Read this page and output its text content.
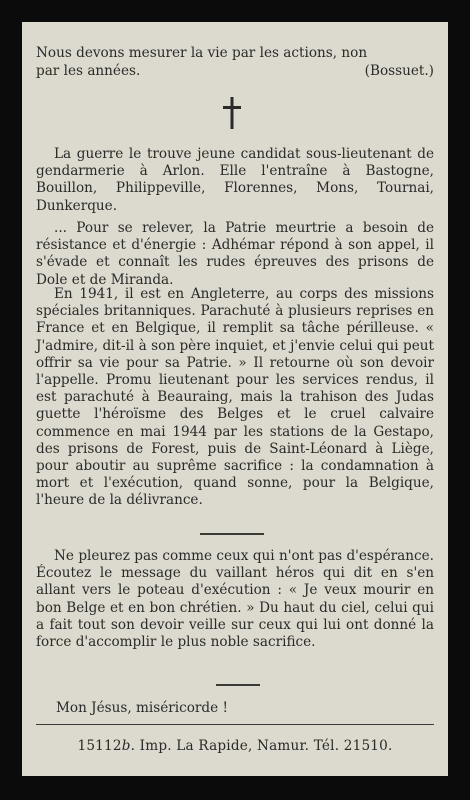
Nous devons mesurer la vie par les actions, non
par les années.	(Bossuet.)

La guerre le trouve jeune candidat sous-lieutenant de gendarmerie à Arlon. Elle l'entraîne à Bastogne, Bouillon, Philippeville, Florennes, Mons, Tournai, Dunkerque.

... Pour se relever, la Patrie meurtrie a besoin de résistance et d'énergie : Adhémar répond à son appel, il s'évade et connaît les rudes épreuves des prisons de Dole et de Miranda.

En 1941, il est en Angleterre, au corps des missions spéciales britanniques. Parachuté à plusieurs reprises en France et en Belgique, il remplit sa tâche périlleuse. « J'admire, dit-il à son père inquiet, et j'envie celui qui peut offrir sa vie pour sa Patrie. » Il retourne où son devoir l'appelle. Promu lieutenant pour les services rendus, il est parachuté à Beauraing, mais la trahison des Judas guette l'héroïsme des Belges et le cruel calvaire commence en mai 1944 par les stations de la Gestapo, des prisons de Forest, puis de Saint-Léonard à Liège, pour aboutir au suprême sacrifice : la condamnation à mort et l'exécution, quand sonne, pour la Belgique, l'heure de la délivrance.

Ne pleurez pas comme ceux qui n'ont pas d'espérance. Écoutez le message du vaillant héros qui dit en s'en allant vers le poteau d'exécution : « Je veux mourir en bon Belge et en bon chrétien. » Du haut du ciel, celui qui a fait tout son devoir veille sur ceux qui lui ont donné la force d'accomplir le plus noble sacrifice.

Mon Jésus, miséricorde !
15112b. Imp. La Rapide, Namur. Tél. 21510.
